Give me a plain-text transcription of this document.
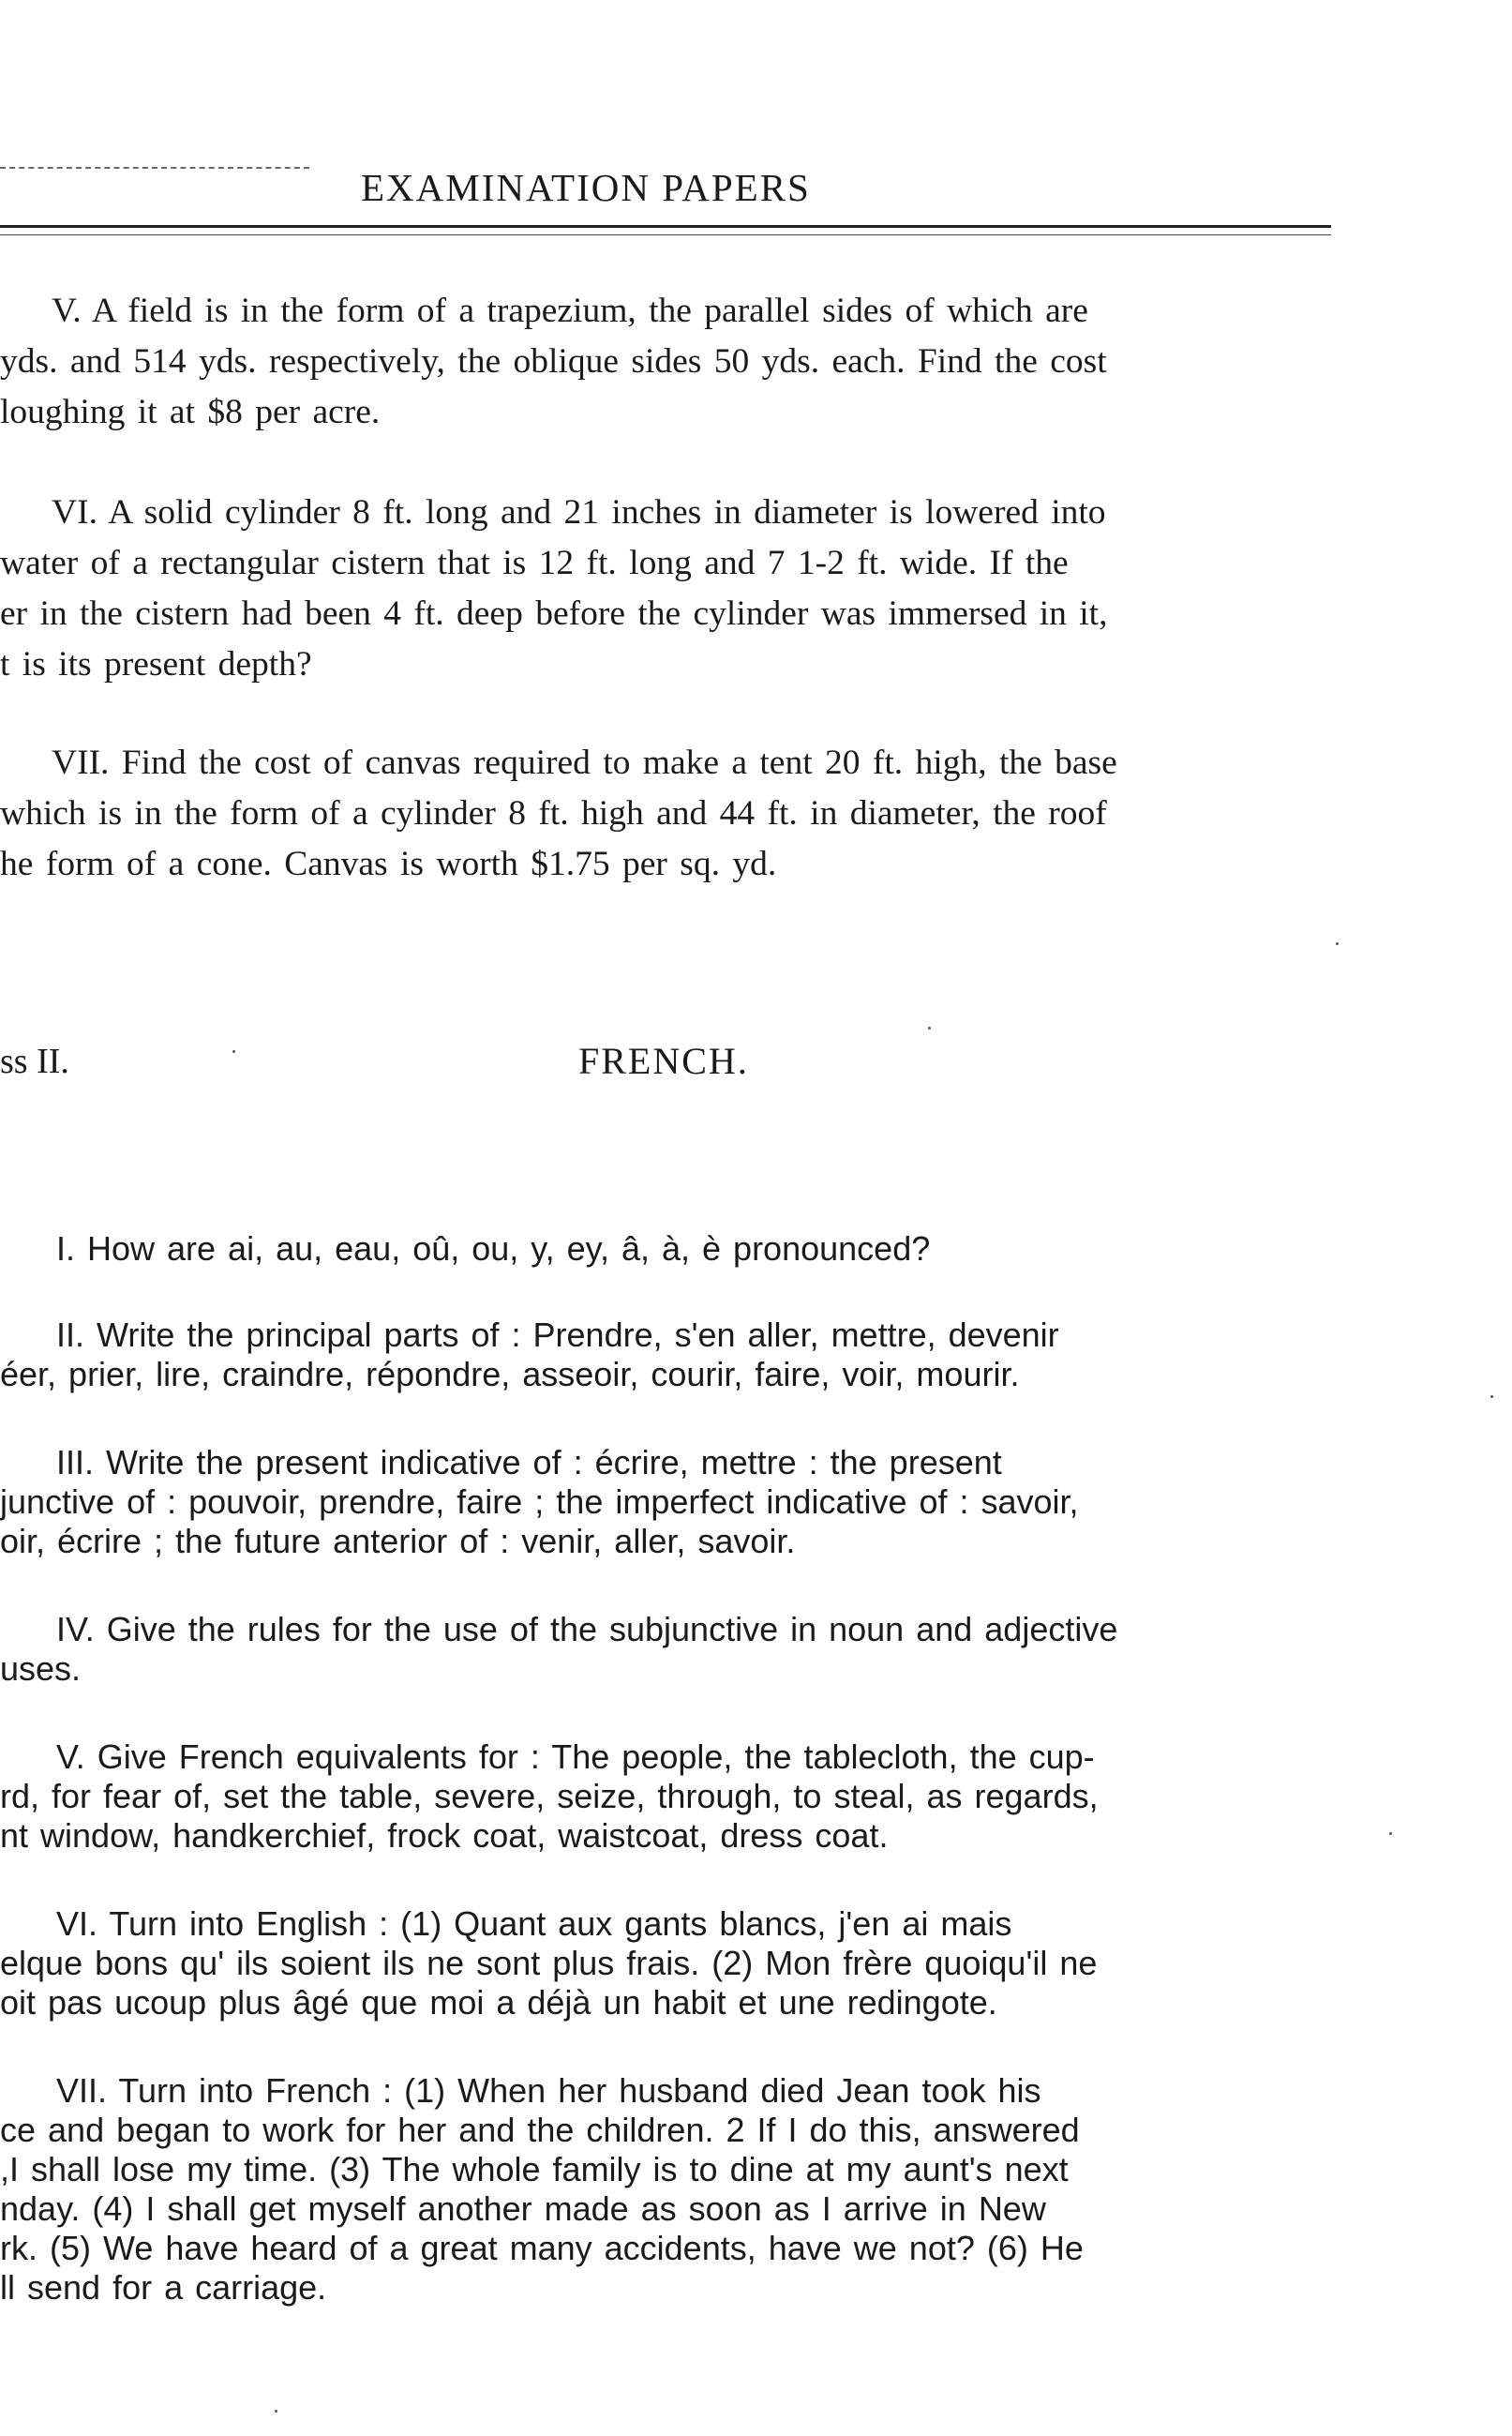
EXAMINATION PAPERS
V. A field is in the form of a trapezium, the parallel sides of which are
yds. and 514 yds. respectively, the oblique sides 50 yds. each. Find the cost
loughing it at $8 per acre.
VI. A solid cylinder 8 ft. long and 21 inches in diameter is lowered into
water of a rectangular cistern that is 12 ft. long and 7 1-2 ft. wide. If the
er in the cistern had been 4 ft. deep before the cylinder was immersed in it,
t is its present depth?
VII. Find the cost of canvas required to make a tent 20 ft. high, the base
which is in the form of a cylinder 8 ft. high and 44 ft. in diameter, the roof
he form of a cone. Canvas is worth $1.75 per sq. yd.
ss II.	FRENCH.
I. How are ai, au, eau, oû, ou, y, ey, â, à, è pronounced?
II. Write the principal parts of : Prendre, s'en aller, mettre, devenir
éer, prier, lire, craindre, répondre, asseoir, courir, faire, voir, mourir.
III. Write the present indicative of : écrire, mettre : the present
junctive of : pouvoir, prendre, faire ; the imperfect indicative of : savoir,
oir, écrire ; the future anterior of : venir, aller, savoir.
IV. Give the rules for the use of the subjunctive in noun and adjective
uses.
V. Give French equivalents for : The people, the tablecloth, the cup-
rd, for fear of, set the table, severe, seize, through, to steal, as regards,
nt window, handkerchief, frock coat, waistcoat, dress coat.
VI. Turn into English : (1) Quant aux gants blancs, j'en ai mais
elque bons qu' ils soient ils ne sont plus frais. (2) Mon frère quoiqu'il ne
oit pas ucoup plus âgé que moi a déjà un habit et une redingote.
VII. Turn into French : (1) When her husband died Jean took his
ce and began to work for her and the children. 2 If I do this, answered
,I shall lose my time. (3) The whole family is to dine at my aunt's next
nday. (4) I shall get myself another made as soon as I arrive in New
rk. (5) We have heard of a great many accidents, have we not? (6) He
ll send for a carriage.
